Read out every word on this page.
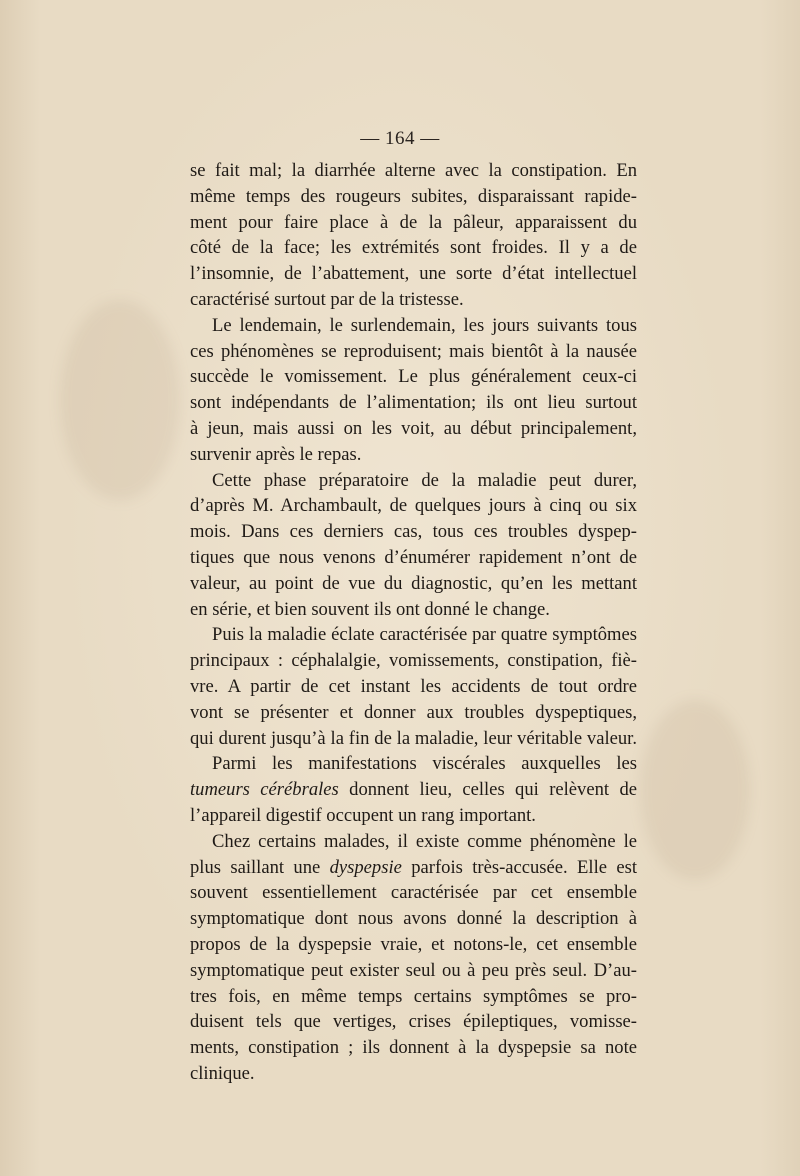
— 164 —
se fait mal; la diarrhée alterne avec la constipation. En
même temps des rougeurs subites, disparaissant rapide-
ment pour faire place à de la pâleur, apparaissent du
côté de la face; les extrémités sont froides. Il y a de
l’insomnie, de l’abattement, une sorte d’état intellectuel
caractérisé surtout par de la tristesse.
Le lendemain, le surlendemain, les jours suivants tous
ces phénomènes se reproduisent; mais bientôt à la nausée
succède le vomissement. Le plus généralement ceux-ci
sont indépendants de l’alimentation; ils ont lieu surtout
à jeun, mais aussi on les voit, au début principalement,
survenir après le repas.
Cette phase préparatoire de la maladie peut durer,
d’après M. Archambault, de quelques jours à cinq ou six
mois. Dans ces derniers cas, tous ces troubles dyspep-
tiques que nous venons d’énumérer rapidement n’ont de
valeur, au point de vue du diagnostic, qu’en les mettant
en série, et bien souvent ils ont donné le change.
Puis la maladie éclate caractérisée par quatre symptômes
principaux : céphalalgie, vomissements, constipation, fiè-
vre. A partir de cet instant les accidents de tout ordre
vont se présenter et donner aux troubles dyspeptiques,
qui durent jusqu’à la fin de la maladie, leur véritable valeur.
Parmi les manifestations viscérales auxquelles les
tumeurs cérébrales donnent lieu, celles qui relèvent de
l’appareil digestif occupent un rang important.
Chez certains malades, il existe comme phénomène le
plus saillant une dyspepsie parfois très-accusée. Elle est
souvent essentiellement caractérisée par cet ensemble
symptomatique dont nous avons donné la description à
propos de la dyspepsie vraie, et notons-le, cet ensemble
symptomatique peut exister seul ou à peu près seul. D’au-
tres fois, en même temps certains symptômes se pro-
duisent tels que vertiges, crises épileptiques, vomisse-
ments, constipation ; ils donnent à la dyspepsie sa note
clinique.
